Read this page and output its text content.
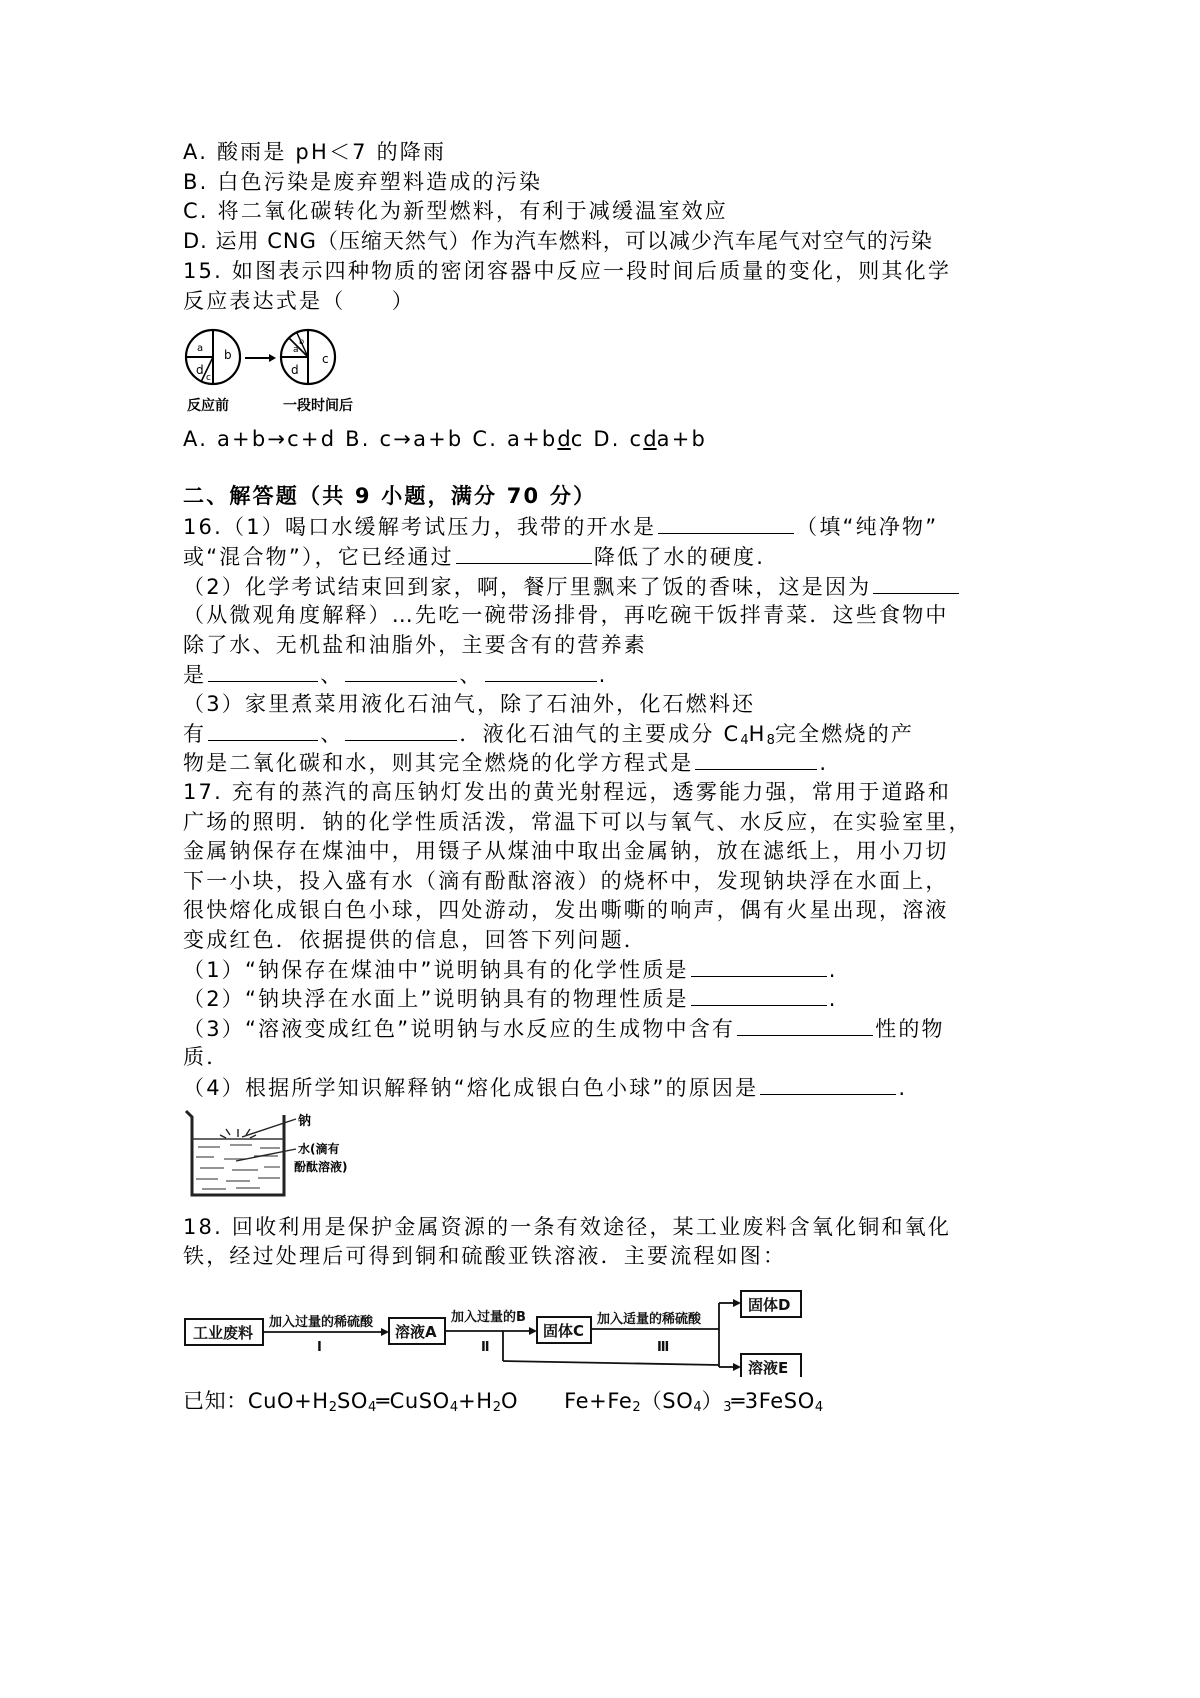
A. 酸雨是 pH＜7 的降雨
B. 白色污染是废弃塑料造成的污染
C. 将二氧化碳转化为新型燃料，有利于减缓温室效应
D. 运用 CNG（压缩天然气）作为汽车燃料，可以减少汽车尾气对空气的污染
15. 如图表示四种物质的密闭容器中反应一段时间后质量的变化，则其化学
反应表达式是（　　）
a b
d
c
a
b
c
d
反应前	一段时间后
A. a+b→c+d B. c→a+b C. a+bdc D. cda+b
二、解答题（共 9 小题，满分 70 分）
16.（1）喝口水缓解考试压力，我带的开水是	（填“纯净物”
或“混合物”），它已经通过	降低了水的硬度.
（2）化学考试结束回到家，啊，餐厅里飘来了饭的香味，这是因为
（从微观角度解释）…先吃一碗带汤排骨，再吃碗干饭拌青菜．这些食物中
除了水、无机盐和油脂外，主要含有的营养素
是	、	、	.
（3）家里煮菜用液化石油气，除了石油外，化石燃料还
有	、	．液化石油气的主要成分 $C_4H_8$完全燃烧的产
物是二氧化碳和水，则其完全燃烧的化学方程式是	.
17. 充有的蒸汽的高压钠灯发出的黄光射程远，透雾能力强，常用于道路和
广场的照明．钠的化学性质活泼，常温下可以与氧气、水反应，在实验室里，
金属钠保存在煤油中，用镊子从煤油中取出金属钠，放在滤纸上，用小刀切
下一小块，投入盛有水（滴有酚酞溶液）的烧杯中，发现钠块浮在水面上，
很快熔化成银白色小球，四处游动，发出嘶嘶的响声，偶有火星出现，溶液
变成红色．依据提供的信息，回答下列问题．
（1）“钠保存在煤油中”说明钠具有的化学性质是	.
（2）“钠块浮在水面上”说明钠具有的物理性质是	.
（3）“溶液变成红色”说明钠与水反应的生成物中含有	性的物
质．
（4）根据所学知识解释钠“熔化成银白色小球”的原因是	.
钠
水(滴有
酚酞溶液)
18. 回收利用是保护金属资源的一条有效途径，某工业废料含氧化铜和氧化
铁，经过处理后可得到铜和硫酸亚铁溶液．主要流程如图：
工业废料
加入过量的稀硫酸
Ⅰ
溶液A
加入过量的B
Ⅱ
固体C
加入适量的稀硫酸
Ⅲ
固体D
溶液E
已知：$CuO+H_2SO_4═CuSO_4+H_2O$ $Fe+Fe_2(SO_4)_3═3FeSO_4$
